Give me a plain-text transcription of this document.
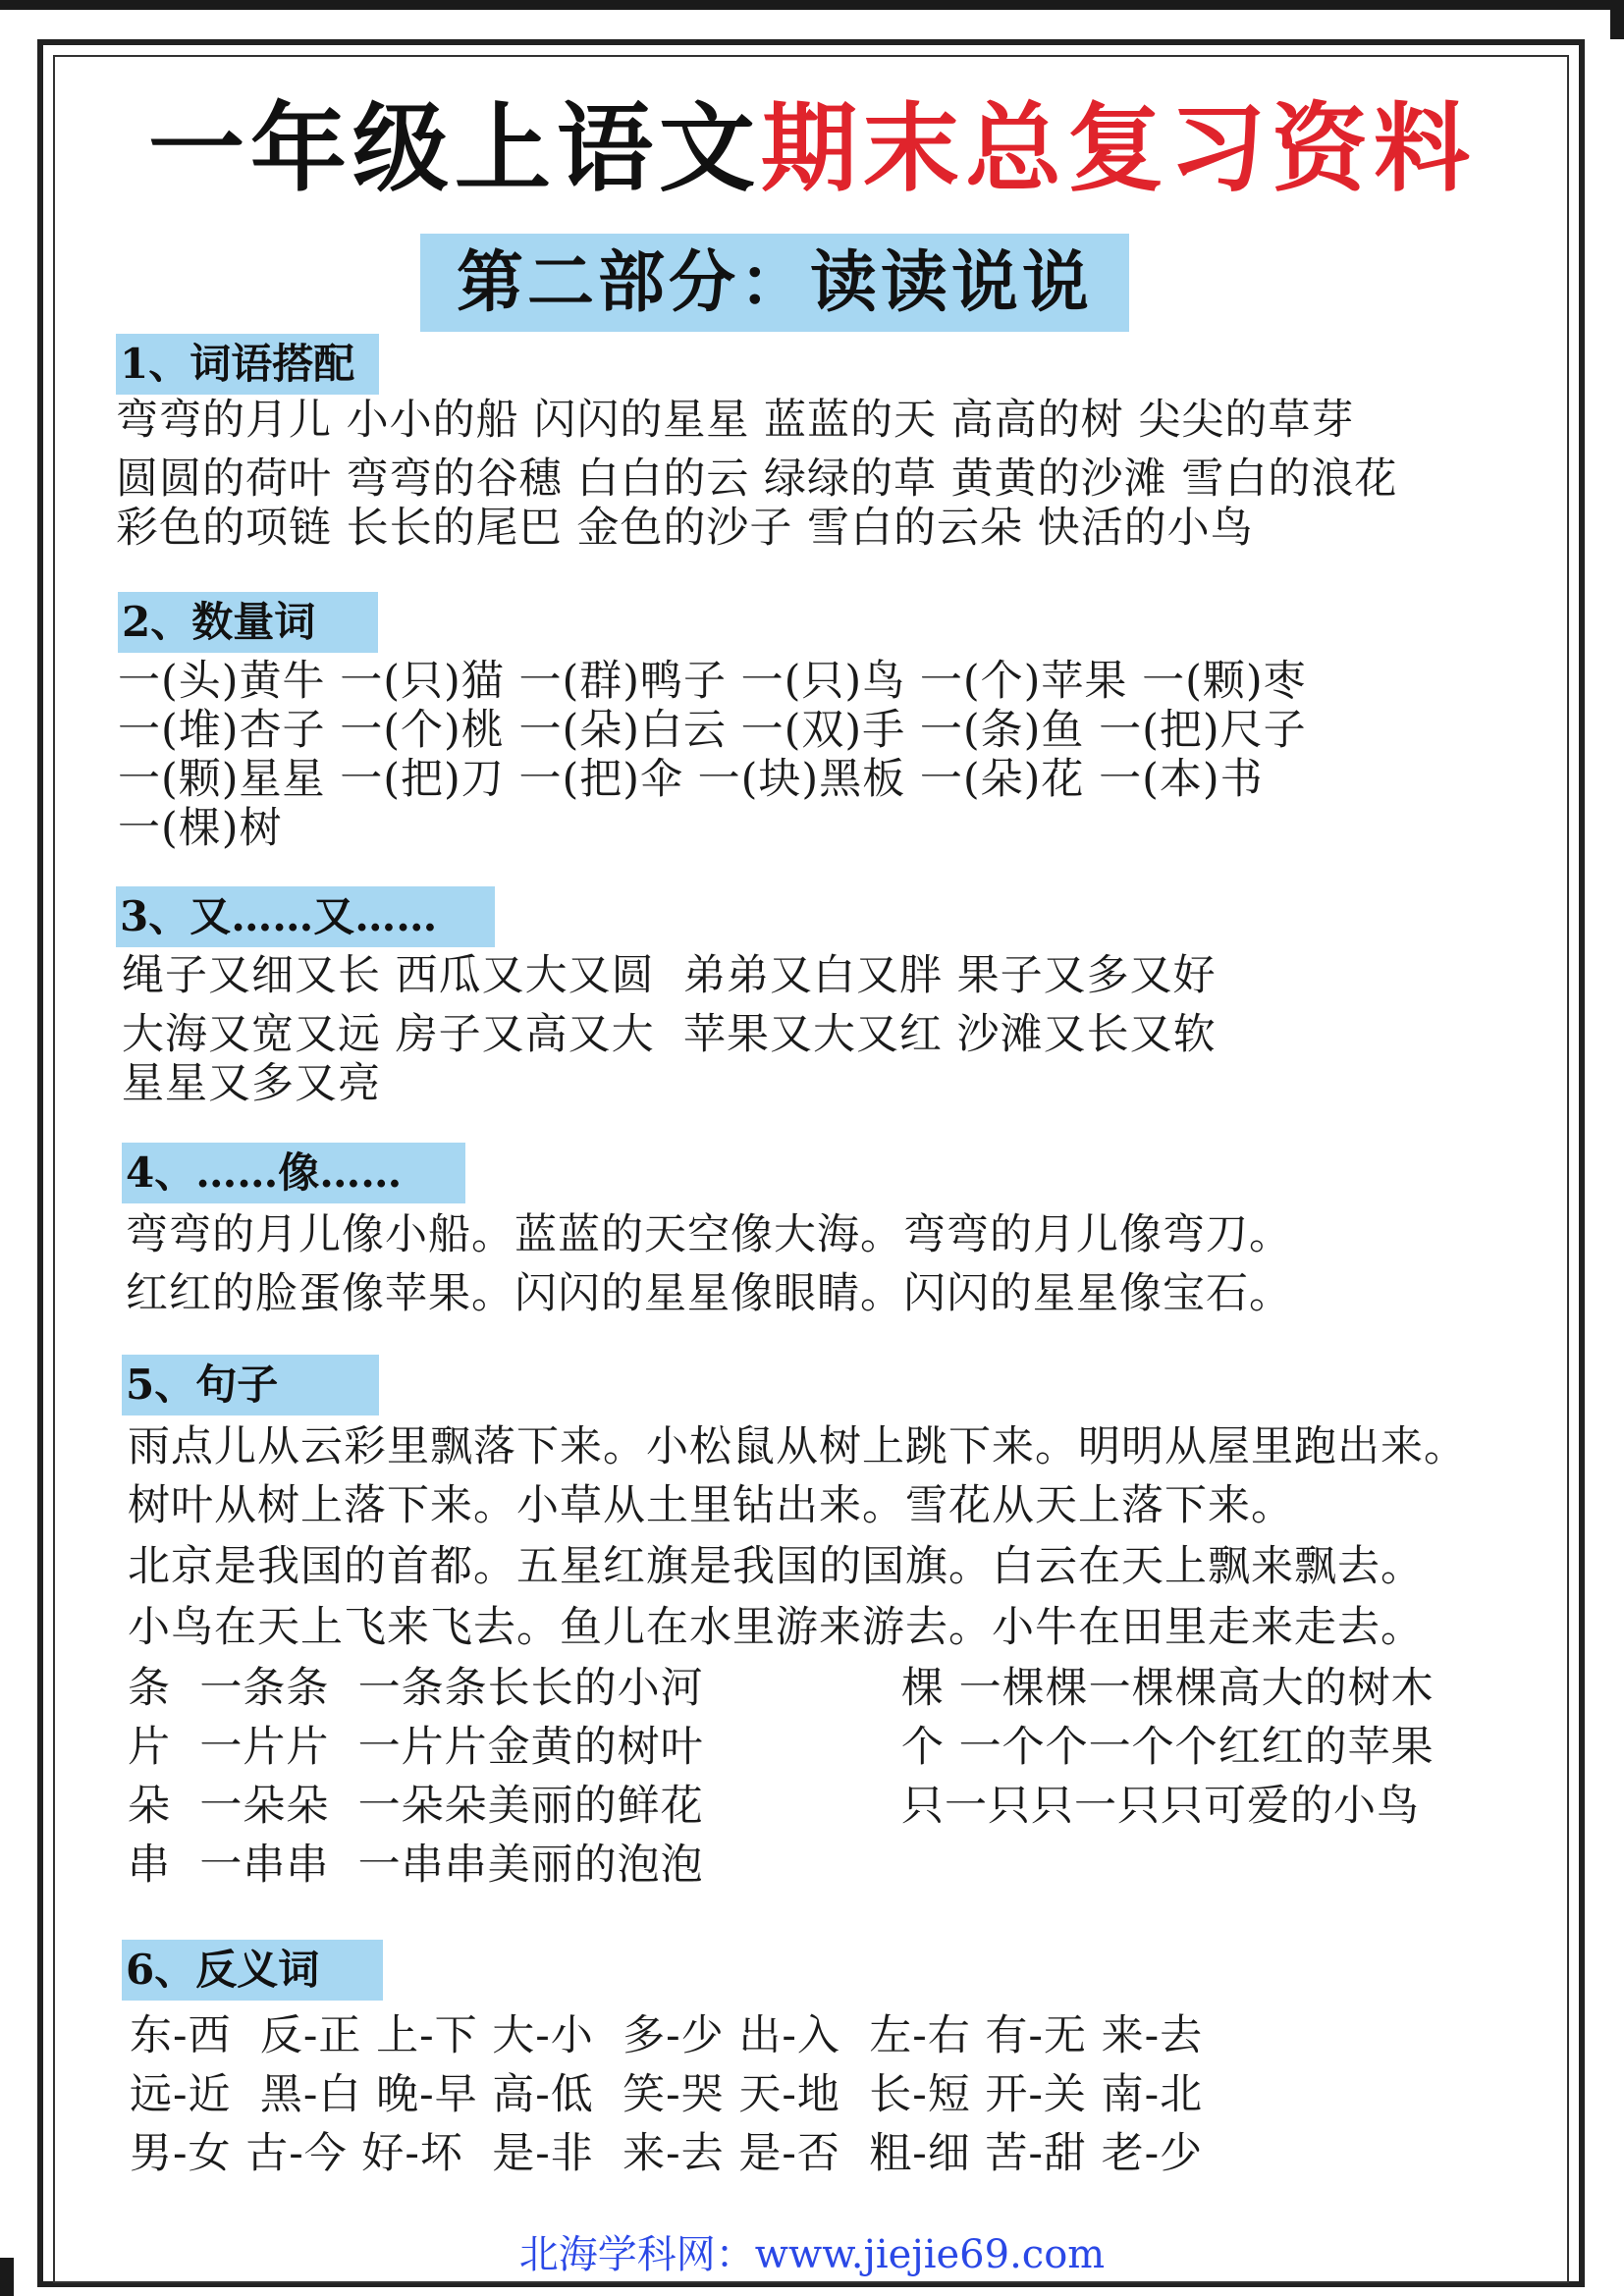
一年级上语文期末总复习资料
第二部分：读读说说
1、词语搭配
弯弯的月儿 小小的船 闪闪的星星 蓝蓝的天 高高的树 尖尖的草芽
圆圆的荷叶 弯弯的谷穗 白白的云 绿绿的草 黄黄的沙滩 雪白的浪花
彩色的项链 长长的尾巴 金色的沙子 雪白的云朵 快活的小鸟
2、数量词
一(头)黄牛 一(只)猫 一(群)鸭子 一(只)鸟 一(个)苹果 一(颗)枣
一(堆)杏子 一(个)桃 一(朵)白云 一(双)手 一(条)鱼 一(把)尺子
一(颗)星星 一(把)刀 一(把)伞 一(块)黑板 一(朵)花 一(本)书
一(棵)树
3、又……又……
绳子又细又长 西瓜又大又圆  弟弟又白又胖 果子又多又好
大海又宽又远 房子又高又大  苹果又大又红 沙滩又长又软
星星又多又亮
4、……像……
弯弯的月儿像小船。蓝蓝的天空像大海。弯弯的月儿像弯刀。
红红的脸蛋像苹果。闪闪的星星像眼睛。闪闪的星星像宝石。
5、句子
雨点儿从云彩里飘落下来。小松鼠从树上跳下来。明明从屋里跑出来。
树叶从树上落下来。小草从土里钻出来。雪花从天上落下来。
北京是我国的首都。五星红旗是我国的国旗。白云在天上飘来飘去。
小鸟在天上飞来飞去。鱼儿在水里游来游去。小牛在田里走来走去。
条  一条条  一条条长长的小河
片  一片片  一片片金黄的树叶
朵  一朵朵  一朵朵美丽的鲜花
串  一串串  一串串美丽的泡泡
棵 一棵棵一棵棵高大的树木
个 一个个一个个红红的苹果
只一只只一只只可爱的小鸟
6、反义词
东-西  反-正 上-下 大-小  多-少 出-入  左-右 有-无 来-去
远-近  黑-白 晚-早 高-低  笑-哭 天-地  长-短 开-关 南-北
男-女 古-今 好-坏  是-非  来-去 是-否  粗-细 苦-甜 老-少
北海学科网：www.jiejie69.com
